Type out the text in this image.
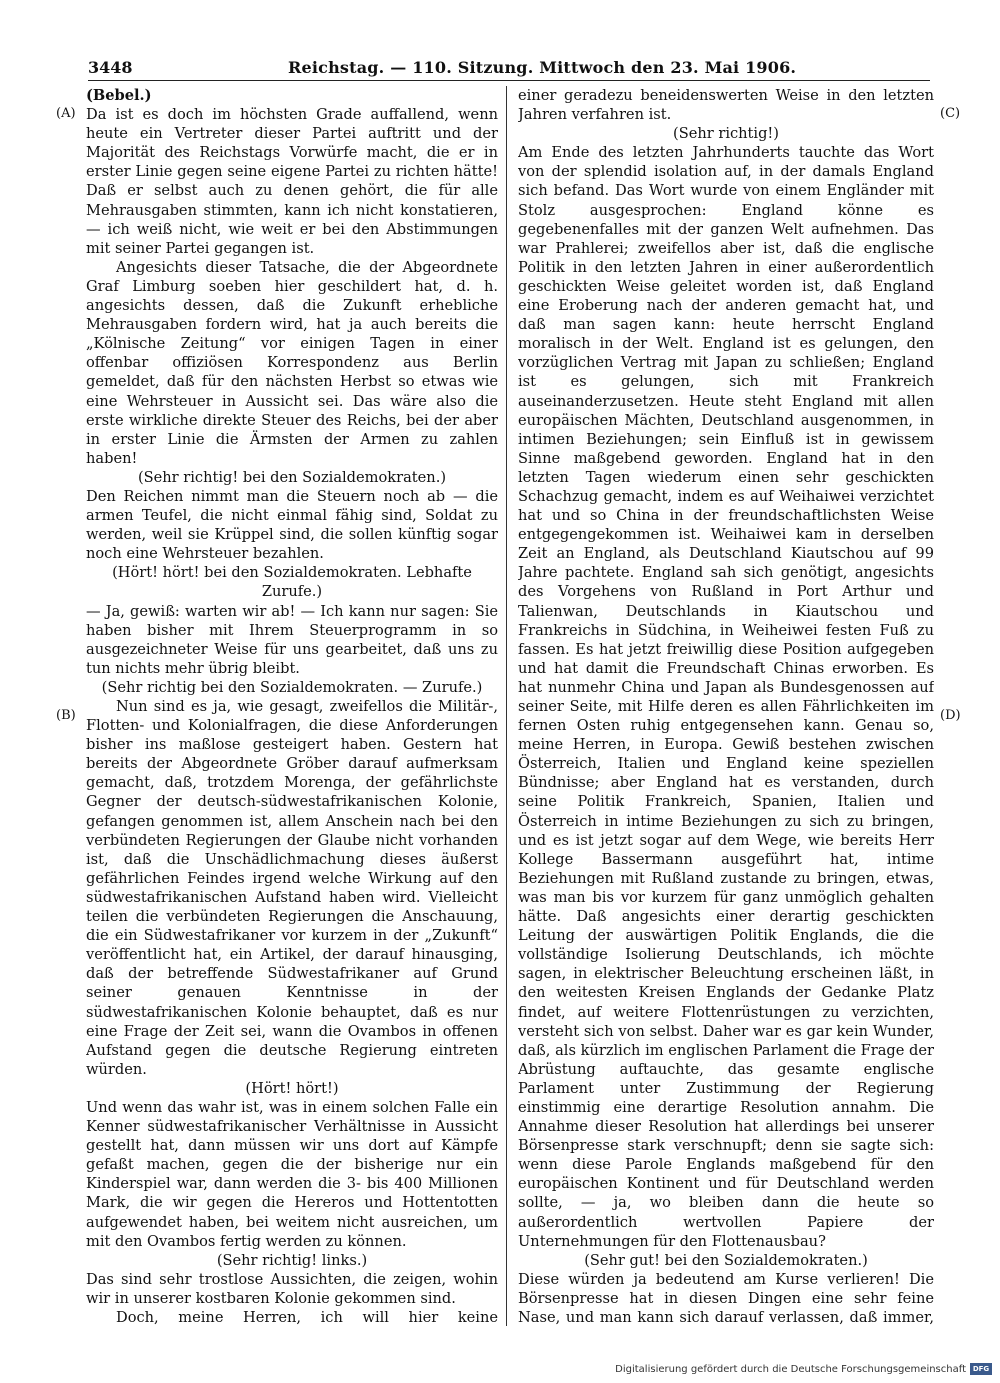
3448	Reichstag. — 110. Sitzung. Mittwoch den 23. Mai 1906.
(A)
(B)
(C)
(D)

(Bebel.)

Da ist es doch im höchsten Grade auffallend, wenn heute ein Vertreter dieser Partei auftritt und der Majorität des Reichstags Vorwürfe macht, die er in erster Linie gegen seine eigene Partei zu richten hätte! Daß er selbst auch zu denen gehört, die für alle Mehrausgaben stimmten, kann ich nicht konstatieren, — ich weiß nicht, wie weit er bei den Abstimmungen mit seiner Partei gegangen ist.

Angesichts dieser Tatsache, die der Abgeordnete Graf Limburg soeben hier geschildert hat, d. h. angesichts dessen, daß die Zukunft erhebliche Mehrausgaben fordern wird, hat ja auch bereits die „Kölnische Zeitung“ vor einigen Tagen in einer offenbar offiziösen Korrespondenz aus Berlin gemeldet, daß für den nächsten Herbst so etwas wie eine Wehrsteuer in Aussicht sei. Das wäre also die erste wirkliche direkte Steuer des Reichs, bei der aber in erster Linie die Ärmsten der Armen zu zahlen haben!

(Sehr richtig! bei den Sozialdemokraten.)

Den Reichen nimmt man die Steuern noch ab — die armen Teufel, die nicht einmal fähig sind, Soldat zu werden, weil sie Krüppel sind, die sollen künftig sogar noch eine Wehrsteuer bezahlen.

(Hört! hört! bei den Sozialdemokraten. Lebhafte Zurufe.)

— Ja, gewiß: warten wir ab! — Ich kann nur sagen: Sie haben bisher mit Ihrem Steuerprogramm in so ausgezeichneter Weise für uns gearbeitet, daß uns zu tun nichts mehr übrig bleibt.

(Sehr richtig bei den Sozialdemokraten. — Zurufe.)

Nun sind es ja, wie gesagt, zweifellos die Militär-, Flotten- und Kolonialfragen, die diese Anforderungen bisher ins maßlose gesteigert haben. Gestern hat bereits der Abgeordnete Gröber darauf aufmerksam gemacht, daß, trotzdem Morenga, der gefährlichste Gegner der deutsch-südwestafrikanischen Kolonie, gefangen genommen ist, allem Anschein nach bei den verbündeten Regierungen der Glaube nicht vorhanden ist, daß die Unschädlichmachung dieses äußerst gefährlichen Feindes irgend welche Wirkung auf den südwestafrikanischen Aufstand haben wird. Vielleicht teilen die verbündeten Regierungen die Anschauung, die ein Südwestafrikaner vor kurzem in der „Zukunft“ veröffentlicht hat, ein Artikel, der darauf hinausging, daß der betreffende Südwestafrikaner auf Grund seiner genauen Kenntnisse in der südwestafrikanischen Kolonie behauptet, daß es nur eine Frage der Zeit sei, wann die Ovambos in offenen Aufstand gegen die deutsche Regierung eintreten würden.

(Hört! hört!)

Und wenn das wahr ist, was in einem solchen Falle ein Kenner südwestafrikanischer Verhältnisse in Aussicht gestellt hat, dann müssen wir uns dort auf Kämpfe gefaßt machen, gegen die der bisherige nur ein Kinderspiel war, dann werden die 3- bis 400 Millionen Mark, die wir gegen die Hereros und Hottentotten aufgewendet haben, bei weitem nicht ausreichen, um mit den Ovambos fertig werden zu können.

(Sehr richtig! links.)

Das sind sehr trostlose Aussichten, die zeigen, wohin wir in unserer kostbaren Kolonie gekommen sind.

Doch, meine Herren, ich will hier keine

einer geradezu beneidenswerten Weise in den letzten Jahren verfahren ist.

(Sehr richtig!)

Am Ende des letzten Jahrhunderts tauchte das Wort von der splendid isolation auf, in der damals England sich befand. Das Wort wurde von einem Engländer mit Stolz ausgesprochen: England könne es gegebenenfalles mit der ganzen Welt aufnehmen. Das war Prahlerei; zweifellos aber ist, daß die englische Politik in den letzten Jahren in einer außerordentlich geschickten Weise geleitet worden ist, daß England eine Eroberung nach der anderen gemacht hat, und daß man sagen kann: heute herrscht England moralisch in der Welt. England ist es gelungen, den vorzüglichen Vertrag mit Japan zu schließen; England ist es gelungen, sich mit Frankreich auseinanderzusetzen. Heute steht England mit allen europäischen Mächten, Deutschland ausgenommen, in intimen Beziehungen; sein Einfluß ist in gewissem Sinne maßgebend geworden. England hat in den letzten Tagen wiederum einen sehr geschickten Schachzug gemacht, indem es auf Weihaiwei verzichtet hat und so China in der freundschaftlichsten Weise entgegengekommen ist. Weihaiwei kam in derselben Zeit an England, als Deutschland Kiautschou auf 99 Jahre pachtete. England sah sich genötigt, angesichts des Vorgehens von Rußland in Port Arthur und Talienwan, Deutschlands in Kiautschou und Frankreichs in Südchina, in Weiheiwei festen Fuß zu fassen. Es hat jetzt freiwillig diese Position aufgegeben und hat damit die Freundschaft Chinas erworben. Es hat nunmehr China und Japan als Bundesgenossen auf seiner Seite, mit Hilfe deren es allen Fährlichkeiten im fernen Osten ruhig entgegensehen kann. Genau so, meine Herren, in Europa. Gewiß bestehen zwischen Österreich, Italien und England keine speziellen Bündnisse; aber England hat es verstanden, durch seine Politik Frankreich, Spanien, Italien und Österreich in intime Beziehungen zu sich zu bringen, und es ist jetzt sogar auf dem Wege, wie bereits Herr Kollege Bassermann ausgeführt hat, intime Beziehungen mit Rußland zustande zu bringen, etwas, was man bis vor kurzem für ganz unmöglich gehalten hätte. Daß angesichts einer derartig geschickten Leitung der auswärtigen Politik Englands, die die vollständige Isolierung Deutschlands, ich möchte sagen, in elektrischer Beleuchtung erscheinen läßt, in den weitesten Kreisen Englands der Gedanke Platz findet, auf weitere Flottenrüstungen zu verzichten, versteht sich von selbst. Daher war es gar kein Wunder, daß, als kürzlich im englischen Parlament die Frage der Abrüstung auftauchte, das gesamte englische Parlament unter Zustimmung der Regierung einstimmig eine derartige Resolution annahm. Die Annahme dieser Resolution hat allerdings bei unserer Börsenpresse stark verschnupft; denn sie sagte sich: wenn diese Parole Englands maßgebend für den europäischen Kontinent und für Deutschland werden sollte, — ja, wo bleiben dann die heute so außerordentlich wertvollen Papiere der Unternehmungen für den Flottenausbau?

(Sehr gut! bei den Sozialdemokraten.)

Diese würden ja bedeutend am Kurse verlieren! Die Börsenpresse hat in diesen Dingen eine sehr feine Nase, und man kann sich darauf verlassen, daß immer,

Digitalisierung gefördert durch die Deutsche Forschungsgemeinschaft DFG
